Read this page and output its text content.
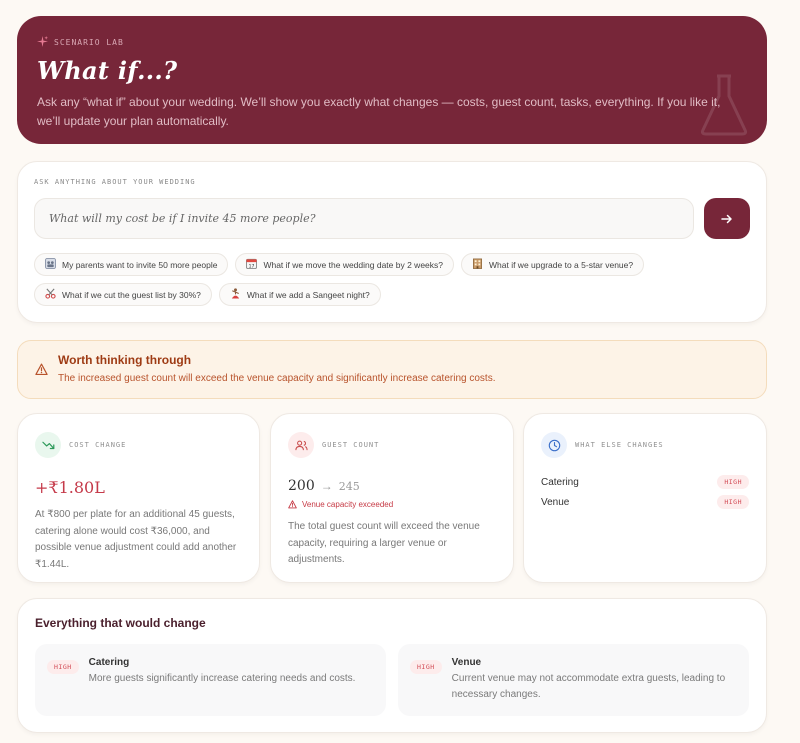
SCENARIO LAB
What if...?

Ask any “what if” about your wedding. We’ll show you exactly what changes — costs, guest count, tasks, everything. If you like it, we’ll update your plan automatically.

ASK ANYTHING ABOUT YOUR WEDDING
What will my cost be if I invite 45 more people?
My parents want to invite 50 more people	17 What if we move the wedding date by 2 weeks?	What if we upgrade to a 5-star venue?
What if we cut the guest list by 30%?	What if we add a Sangeet night?
Worth thinking through
The increased guest count will exceed the venue capacity and significantly increase catering costs.
COST CHANGE
+₹1.80L

At ₹800 per plate for an additional 45 guests, catering alone would cost ₹36,000, and possible venue adjustment could add another ₹1.44L.

GUEST COUNT
200 → 245
Venue capacity exceeded

The total guest count will exceed the venue capacity, requiring a larger venue or adjustments.

WHAT ELSE CHANGES
Catering	HIGH
Venue	HIGH
Everything that would change
HIGH	Catering
More guests significantly increase catering needs and costs.
HIGH	Venue
Current venue may not accommodate extra guests, leading to necessary changes.
